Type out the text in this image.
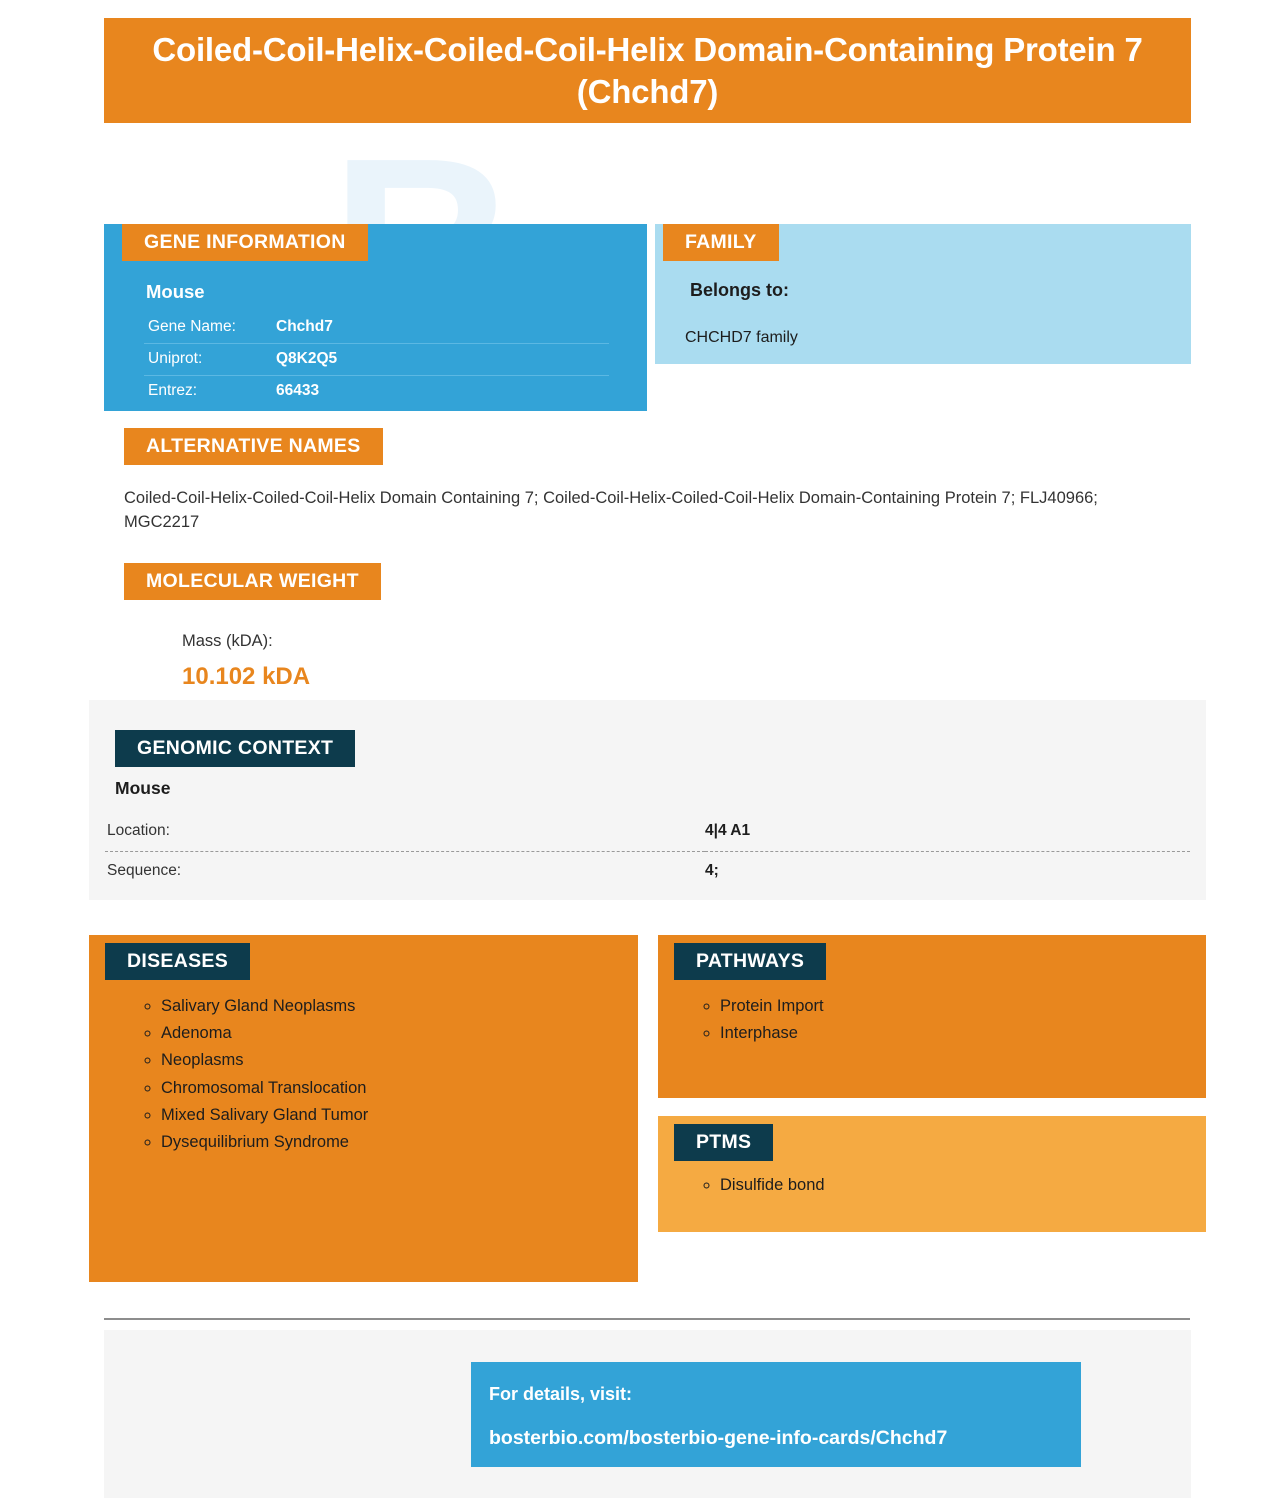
Coiled-Coil-Helix-Coiled-Coil-Helix Domain-Containing Protein 7 (Chchd7)
GENE INFORMATION
Mouse
Gene Name:	Chchd7
Uniprot:	Q8K2Q5
Entrez:	66433
FAMILY
Belongs to:
CHCHD7 family
ALTERNATIVE NAMES
Coiled-Coil-Helix-Coiled-Coil-Helix Domain Containing 7; Coiled-Coil-Helix-Coiled-Coil-Helix Domain-Containing Protein 7; FLJ40966; MGC2217
MOLECULAR WEIGHT
Mass (kDA):
10.102 kDA
GENOMIC CONTEXT
Mouse
Location:	4|4 A1
Sequence:	4;
DISEASES
◦ Salivary Gland Neoplasms
◦ Adenoma
◦ Neoplasms
◦ Chromosomal Translocation
◦ Mixed Salivary Gland Tumor
◦ Dysequilibrium Syndrome
PATHWAYS
◦ Protein Import
◦ Interphase
PTMS
◦ Disulfide bond
For details, visit:
bosterbio.com/bosterbio-gene-info-cards/Chchd7
